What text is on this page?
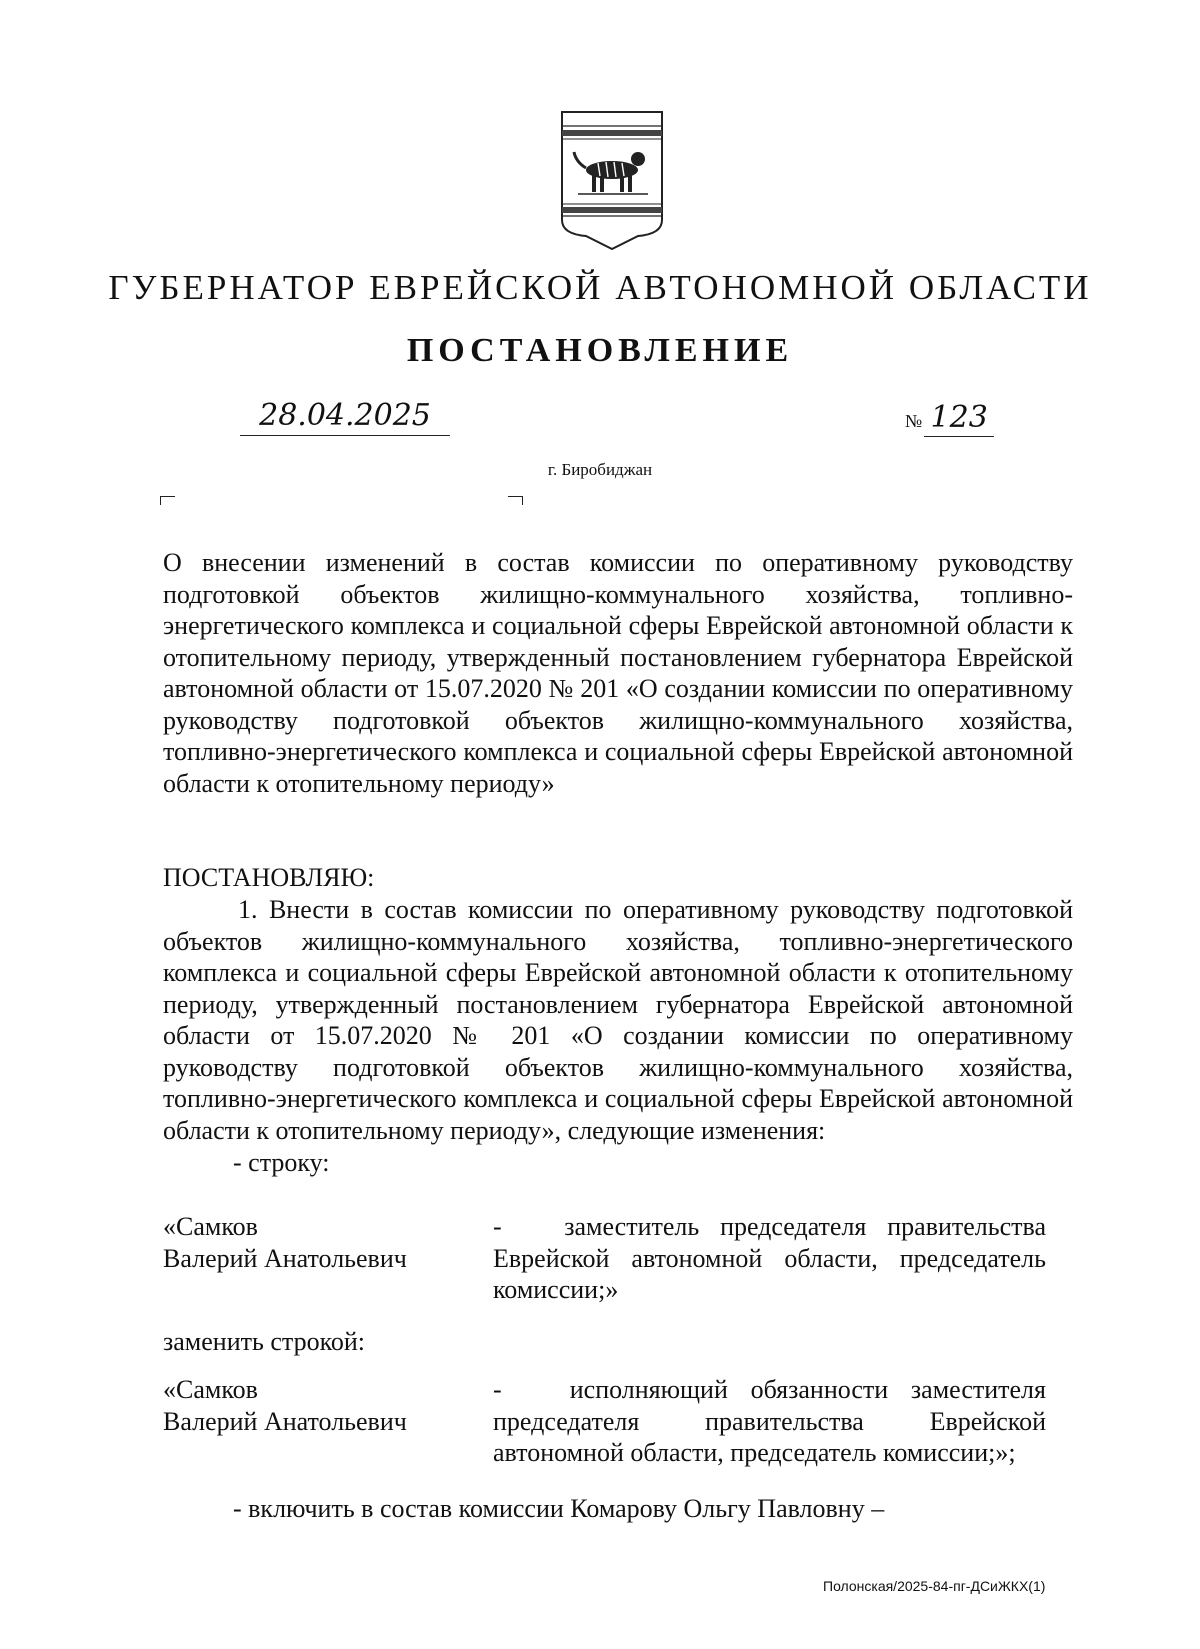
ГУБЕРНАТОР ЕВРЕЙСКОЙ АВТОНОМНОЙ ОБЛАСТИ
ПОСТАНОВЛЕНИЕ
28.04.2025	№ 123
г. Биробиджан
О внесении изменений в состав комиссии по оперативному руководству подготовкой объектов жилищно-коммунального хозяйства, топливно-энергетического комплекса и социальной сферы Еврейской автономной области к отопительному периоду, утвержденный постановлением губернатора Еврейской автономной области от 15.07.2020 № 201 «О создании комиссии по оперативному руководству подготовкой объектов жилищно-коммунального хозяйства, топливно-энергетического комплекса и социальной сферы Еврейской автономной области к отопительному периоду»
ПОСТАНОВЛЯЮ:
1. Внести в состав комиссии по оперативному руководству подготовкой объектов жилищно-коммунального хозяйства, топливно-энергетического комплекса и социальной сферы Еврейской автономной области к отопительному периоду, утвержденный постановлением губернатора Еврейской автономной области от 15.07.2020 № 201 «О создании комиссии по оперативному руководству подготовкой объектов жилищно-коммунального хозяйства, топливно-энергетического комплекса и социальной сферы Еврейской автономной области к отопительному периоду», следующие изменения:
- строку:
«Самков
Валерий Анатольевич
- заместитель председателя правительства Еврейской автономной области, председатель комиссии;»
заменить строкой:
«Самков
Валерий Анатольевич
-	исполняющий обязанности заместителя председателя правительства Еврейской автономной области, председатель комиссии;»;
- включить в состав комиссии Комарову Ольгу Павловну –
Полонская/2025-84-пг-ДСиЖКХ(1)
